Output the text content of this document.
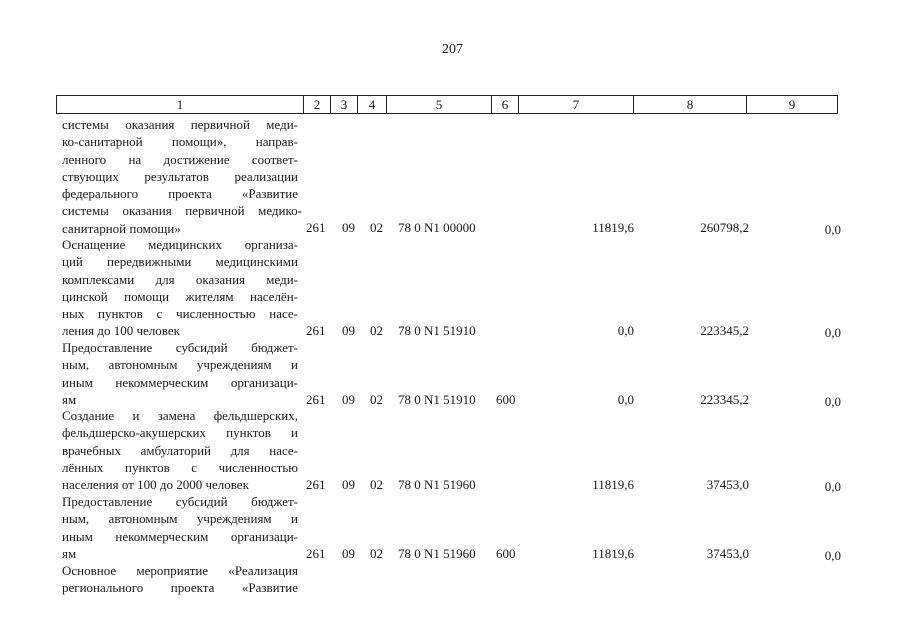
207
1	2	3	4	5	6	7	8	9
системы оказания первичной меди-
ко-санитарной помощи», направ-
ленного на достижение соответ-
ствующих результатов реализации
федерального проекта «Развитие
системы оказания первичной медико-санитарной помощи»	261 09 02 78 0 N1 00000	11819,6	260798,2	0,0
Оснащение медицинских организа-
ций передвижными медицинскими
комплексами для оказания меди-
цинской помощи жителям населён-
ных пунктов с численностью насе-
ления до 100 человек	261 09 02 78 0 N1 51910	0,0	223345,2	0,0
Предоставление субсидий бюджет-
ным, автономным учреждениям и
иным некоммерческим организаци-
ям	261 09 02 78 0 N1 51910 600	0,0	223345,2	0,0
Создание и замена фельдшерских,
фельдшерско-акушерских пунктов и
врачебных амбулаторий для насе-
лённых пунктов с численностью
населения от 100 до 2000 человек	261 09 02 78 0 N1 51960	11819,6	37453,0	0,0
Предоставление субсидий бюджет-
ным, автономным учреждениям и
иным некоммерческим организаци-
ям	261 09 02 78 0 N1 51960 600	11819,6	37453,0	0,0
Основное мероприятие «Реализация
регионального проекта «Развитие
